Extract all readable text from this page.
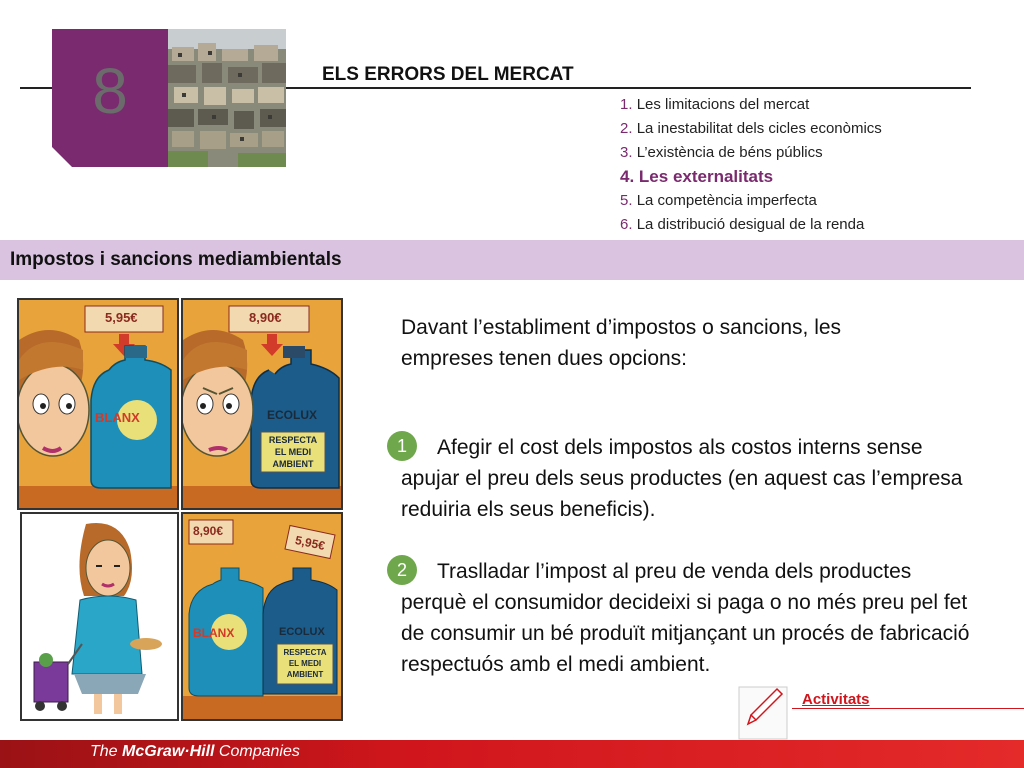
8	ELS ERRORS DEL MERCAT
1. Les limitacions del mercat
2. La inestabilitat dels cicles econòmics
3. L’existència de béns públics
4. Les externalitats
5. La competència imperfecta
6. La distribució desigual de la renda
Impostos i sancions mediambientals
5,95€
BLANX
8,90€
ECOLUX
RESPECTA
EL MEDI
AMBIENT
8,90€
5,95€
BLANX	ECOLUX
RESPECTA
EL MEDI
AMBIENT
Davant l’establiment d’impostos o sancions, les empreses tenen dues opcions:
1	Afegir el cost dels impostos als costos interns sense apujar el preu dels seus productes (en aquest cas l’empresa reduiria els seus beneficis).
2	Traslladar l’impost al preu de venda dels productes perquè el consumidor decideixi si paga o no més preu pel fet de consumir un bé produït mitjançant un procés de fabricació respectuós amb el medi ambient.
Activitats
The McGraw·Hill Companies
